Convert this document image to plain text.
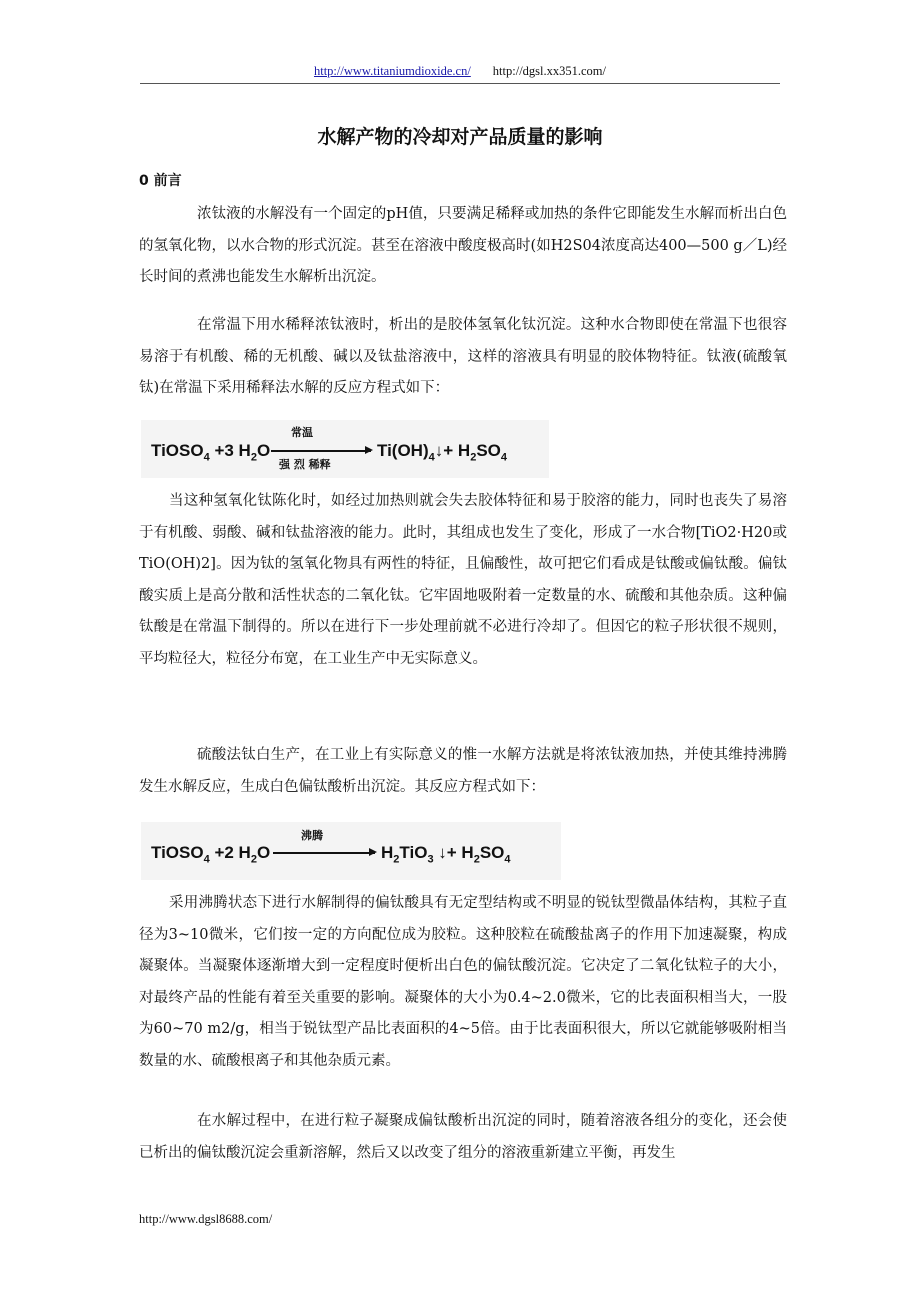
http://www.titaniumdioxide.cn/ http://dgsl.xx351.com/
水解产物的冷却对产品质量的影响
0 前言

浓钛液的水解没有一个固定的pH值，只要满足稀释或加热的条件它即能发生水解而析出白色的氢氧化物，以水合物的形式沉淀。甚至在溶液中酸度极高时(如H2S04浓度高达400—500 g／L)经长时间的煮沸也能发生水解析出沉淀。

在常温下用水稀释浓钛液时，析出的是胶体氢氧化钛沉淀。这种水合物即使在常温下也很容易溶于有机酸、稀的无机酸、碱以及钛盐溶液中，这样的溶液具有明显的胶体物特征。钛液(硫酸氧钛)在常温下采用稀释法水解的反应方程式如下：

TiOSO$_4$ +3 $H_2O$
常温
强 烈 稀释
$Ti(OH)_4↓+ H_2SO_4$

当这种氢氧化钛陈化时，如经过加热则就会失去胶体特征和易于胶溶的能力，同时也丧失了易溶于有机酸、弱酸、碱和钛盐溶液的能力。此时，其组成也发生了变化，形成了一水合物[TiO2·H20或TiO(OH)2]。因为钛的氢氧化物具有两性的特征，且偏酸性，故可把它们看成是钛酸或偏钛酸。偏钛酸实质上是高分散和活性状态的二氧化钛。它牢固地吸附着一定数量的水、硫酸和其他杂质。这种偏钛酸是在常温下制得的。所以在进行下一步处理前就不必进行冷却了。但因它的粒子形状很不规则，平均粒径大，粒径分布宽，在工业生产中无实际意义。

硫酸法钛白生产，在工业上有实际意义的惟一水解方法就是将浓钛液加热，并使其维持沸腾发生水解反应，生成白色偏钛酸析出沉淀。其反应方程式如下：

TiOSO$_4$ +2 $H_2O$
沸腾
$H_2TiO_3$ ↓+ $H_2SO_4$

采用沸腾状态下进行水解制得的偏钛酸具有无定型结构或不明显的锐钛型微晶体结构，其粒子直径为3~10微米，它们按一定的方向配位成为胶粒。这种胶粒在硫酸盐离子的作用下加速凝聚，构成凝聚体。当凝聚体逐渐增大到一定程度时便析出白色的偏钛酸沉淀。它决定了二氧化钛粒子的大小，对最终产品的性能有着至关重要的影响。凝聚体的大小为0.4~2.0微米，它的比表面积相当大，一股为60~70 m2/g，相当于锐钛型产品比表面积的4~5倍。由于比表面积很大，所以它就能够吸附相当数量的水、硫酸根离子和其他杂质元素。

在水解过程中，在进行粒子凝聚成偏钛酸析出沉淀的同时，随着溶液各组分的变化，还会使已析出的偏钛酸沉淀会重新溶解，然后又以改变了组分的溶液重新建立平衡，再发生

http://www.dgsl8688.com/
